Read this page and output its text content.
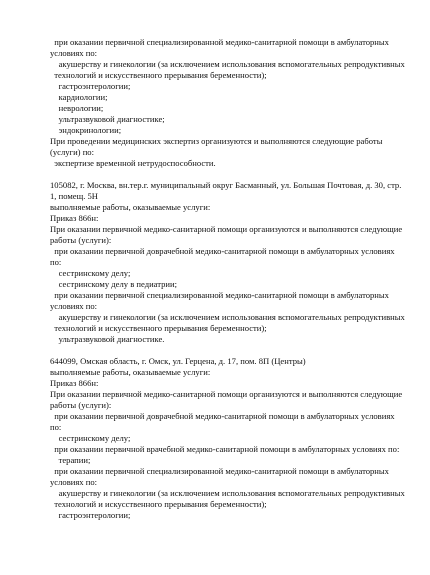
при оказании первичной специализированной медико-санитарной помощи в амбулаторных
условиях по:
акушерству и гинекологии (за исключением использования вспомогательных репродуктивных
технологий и искусственного прерывания беременности);
гастроэнтерологии;
кардиологии;
неврологии;
ультразвуковой диагностике;
эндокринологии;
При проведении медицинских экспертиз организуются и выполняются следующие работы
(услуги) по:
экспертизе временной нетрудоспособности.
105082, г. Москва, вн.тер.г. муниципальный округ Басманный, ул. Большая Почтовая, д. 30, стр.
1, помещ. 5Н
выполняемые работы, оказываемые услуги:
Приказ 866н:
При оказании первичной медико-санитарной помощи организуются и выполняются следующие
работы (услуги):
при оказании первичной доврачебной медико-санитарной помощи в амбулаторных условиях
по:
сестринскому делу;
сестринскому делу в педиатрии;
при оказании первичной специализированной медико-санитарной помощи в амбулаторных
условиях по:
акушерству и гинекологии (за исключением использования вспомогательных репродуктивных
технологий и искусственного прерывания беременности);
ультразвуковой диагностике.
644099, Омская область, г. Омск, ул. Герцена, д. 17, пом. 8П (Центры)
выполняемые работы, оказываемые услуги:
Приказ 866н:
При оказании первичной медико-санитарной помощи организуются и выполняются следующие
работы (услуги):
при оказании первичной доврачебной медико-санитарной помощи в амбулаторных условиях
по:
сестринскому делу;
при оказании первичной врачебной медико-санитарной помощи в амбулаторных условиях по:
терапии;
при оказании первичной специализированной медико-санитарной помощи в амбулаторных
условиях по:
акушерству и гинекологии (за исключением использования вспомогательных репродуктивных
технологий и искусственного прерывания беременности);
гастроэнтерологии;
